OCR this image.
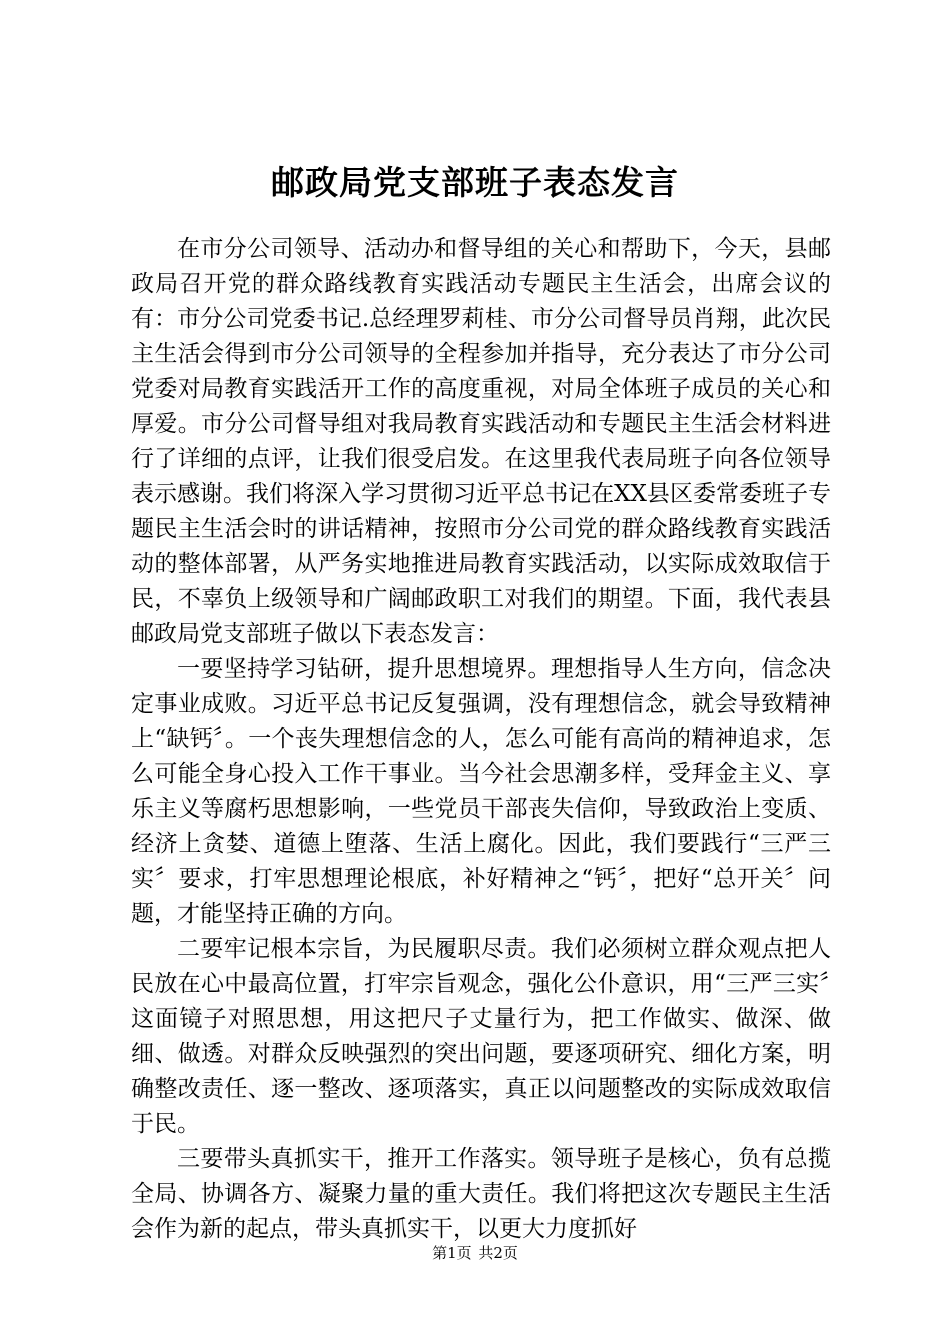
邮政局党支部班子表态发言

在市分公司领导、活动办和督导组的关心和帮助下，今天，县邮政局召开党的群众路线教育实践活动专题民主生活会，出席会议的有：市分公司党委书记.总经理罗莉桂、市分公司督导员肖翔，此次民主生活会得到市分公司领导的全程参加并指导，充分表达了市分公司党委对局教育实践活开工作的高度重视，对局全体班子成员的关心和厚爱。市分公司督导组对我局教育实践活动和专题民主生活会材料进行了详细的点评，让我们很受启发。在这里我代表局班子向各位领导表示感谢。我们将深入学习贯彻习近平总书记在XX县区委常委班子专题民主生活会时的讲话精神，按照市分公司党的群众路线教育实践活动的整体部署，从严务实地推进局教育实践活动，以实际成效取信于民，不辜负上级领导和广阔邮政职工对我们的期望。下面，我代表县邮政局党支部班子做以下表态发言：

一要坚持学习钻研，提升思想境界。理想指导人生方向，信念决定事业成败。习近平总书记反复强调，没有理想信念，就会导致精神上“缺钙〞。一个丧失理想信念的人，怎么可能有高尚的精神追求，怎么可能全身心投入工作干事业。当今社会思潮多样，受拜金主义、享乐主义等腐朽思想影响，一些党员干部丧失信仰，导致政治上变质、经济上贪婪、道德上堕落、生活上腐化。因此，我们要践行“三严三实〞要求，打牢思想理论根底，补好精神之“钙〞，把好“总开关〞问题，才能坚持正确的方向。

二要牢记根本宗旨，为民履职尽责。我们必须树立群众观点把人民放在心中最高位置，打牢宗旨观念，强化公仆意识，用“三严三实〞这面镜子对照思想，用这把尺子丈量行为，把工作做实、做深、做细、做透。对群众反映强烈的突出问题，要逐项研究、细化方案，明确整改责任、逐一整改、逐项落实，真正以问题整改的实际成效取信于民。

三要带头真抓实干，推开工作落实。领导班子是核心，负有总揽全局、协调各方、凝聚力量的重大责任。我们将把这次专题民主生活会作为新的起点，带头真抓实干，以更大力度抓好

第1页 共2页
